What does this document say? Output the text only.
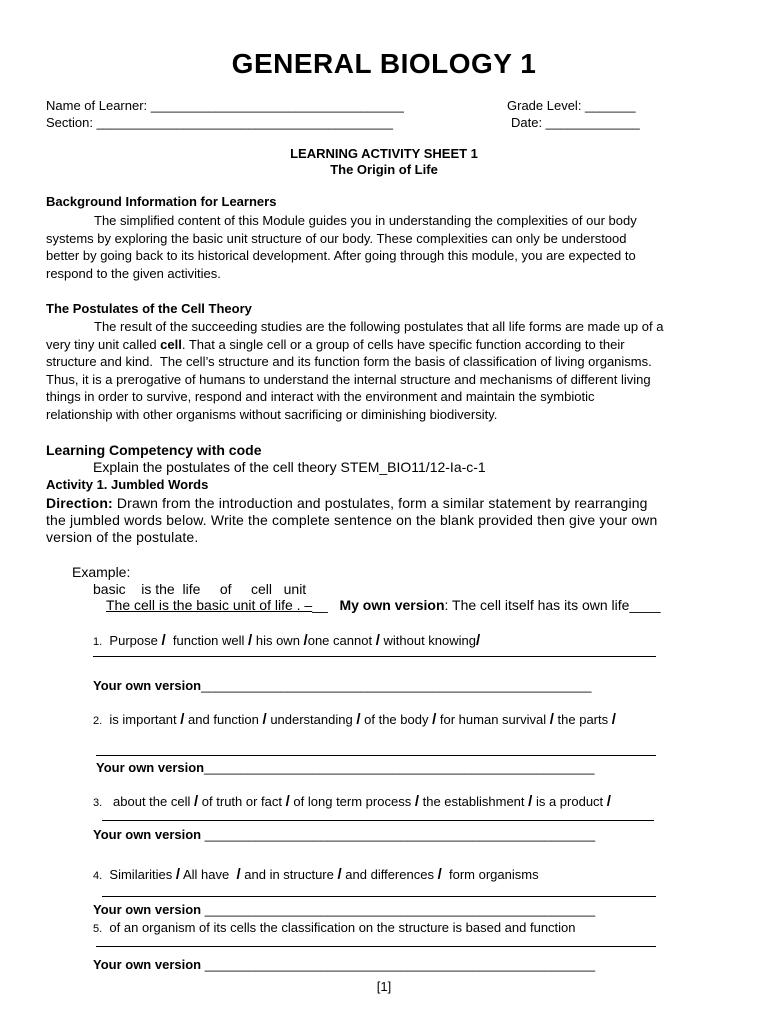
GENERAL BIOLOGY 1
Name of Learner: ___________________________________	Grade Level: _______
Section: _________________________________________	Date: _____________
LEARNING ACTIVITY SHEET 1
The Origin of Life
Background Information for Learners
The simplified content of this Module guides you in understanding the complexities of our body
systems by exploring the basic unit structure of our body. These complexities can only be understood
better by going back to its historical development. After going through this module, you are expected to
respond to the given activities.
The Postulates of the Cell Theory
The result of the succeeding studies are the following postulates that all life forms are made up of a
very tiny unit called cell. That a single cell or a group of cells have specific function according to their
structure and kind.  The cell’s structure and its function form the basis of classification of living organisms.
Thus, it is a prerogative of humans to understand the internal structure and mechanisms of different living
things in order to survive, respond and interact with the environment and maintain the symbiotic
relationship with other organisms without sacrificing or diminishing biodiversity.
Learning Competency with code
Explain the postulates of the cell theory STEM_BIO11/12-Ia-c-1
Activity 1. Jumbled Words
Direction: Drawn from the introduction and postulates, form a similar statement by rearranging
the jumbled words below. Write the complete sentence on the blank provided then give your own
version of the postulate.
Example:
basic    is the  life     of     cell   unit
The cell is the basic unit of life . –__ My own version: The cell itself has its own life____
1. Purpose / function well / his own /one cannot / without knowing/
Your own version______________________________________________________
2. is important / and function / understanding / of the body / for human survival / the parts /
Your own version______________________________________________________
3. about the cell / of truth or fact / of long term process / the establishment / is a product /
Your own version ______________________________________________________
4. Similarities / All have  / and in structure / and differences /  form organisms
Your own version ______________________________________________________
5. of an organism of its cells the classification on the structure is based and function
Your own version ______________________________________________________
[1]
